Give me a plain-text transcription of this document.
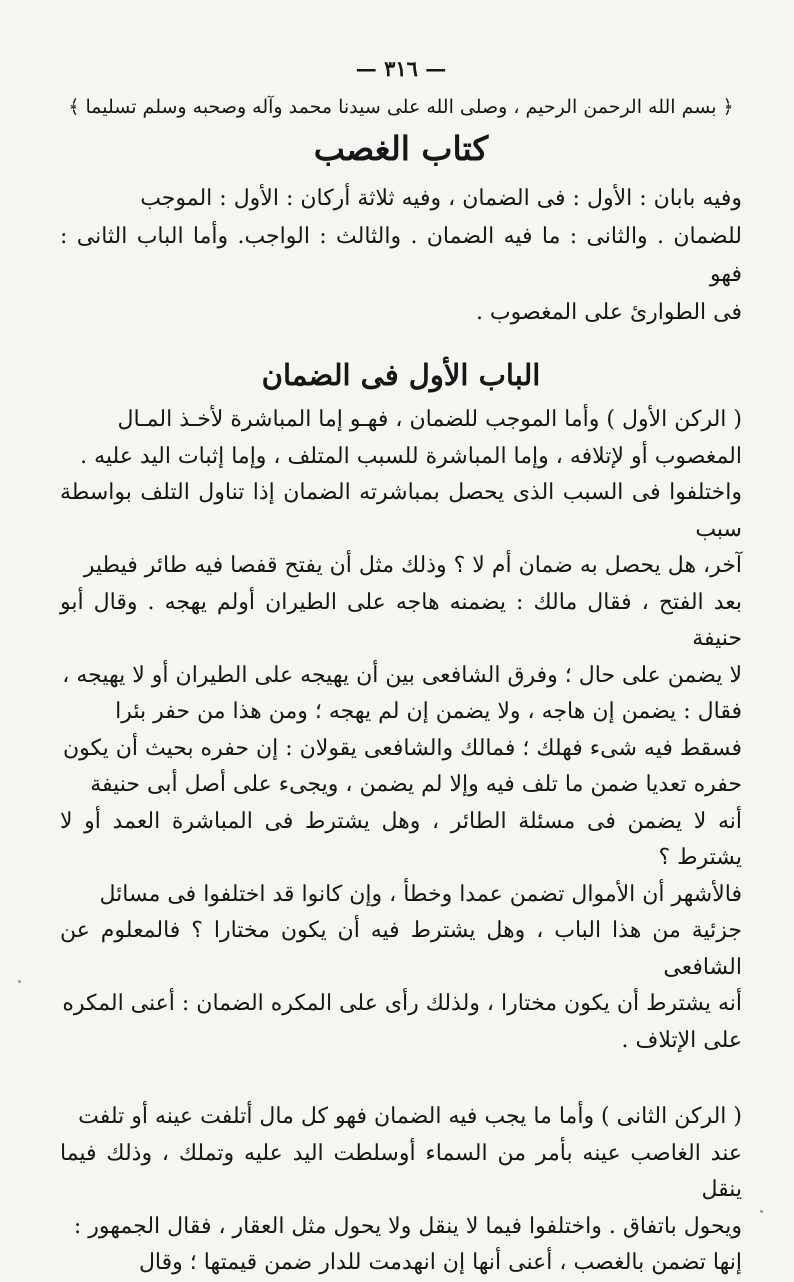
— ٣١٦ —
﴿ بسم الله الرحمن الرحيم ، وصلى الله على سيدنا محمد وآله وصحبه وسلم تسليما ﴾
كتاب الغصب

وفيه بابان : الأول : فى الضمان ، وفيه ثلاثة أركان : الأول : الموجب

للضمان . والثانى : ما فيه الضمان . والثالث : الواجب. وأما الباب الثانى : فهو

فى الطوارئ على المغصوب .

الباب الأول فى الضمان

( الركن الأول ) وأما الموجب للضمان ، فهـو إما المباشرة لأخـذ المـال

المغصوب أو لإتلافه ، وإما المباشرة للسبب المتلف ، وإما إثبات اليد عليه .

واختلفوا فى السبب الذى يحصل بمباشرته الضمان إذا تناول التلف بواسطة سبب

آخر، هل يحصل به ضمان أم لا ؟ وذلك مثل أن يفتح قفصا فيه طائر فيطير

بعد الفتح ، فقال مالك : يضمنه هاجه على الطيران أولم يهجه . وقال أبو حنيفة

لا يضمن على حال ؛ وفرق الشافعى بين أن يهيجه على الطيران أو لا يهيجه ،

فقال : يضمن إن هاجه ، ولا يضمن إن لم يهجه ؛ ومن هذا من حفر بئرا

فسقط فيه شىء فهلك ؛ فمالك والشافعى يقولان : إن حفره بحيث أن يكون

حفره تعديا ضمن ما تلف فيه وإلا لم يضمن ، ويجىء على أصل أبى حنيفة

أنه لا يضمن فى مسئلة الطائر ، وهل يشترط فى المباشرة العمد أو لا يشترط ؟

فالأشهر أن الأموال تضمن عمدا وخطأ ، وإن كانوا قد اختلفوا فى مسائل

جزئية من هذا الباب ، وهل يشترط فيه أن يكون مختارا ؟ فالمعلوم عن الشافعى

أنه يشترط أن يكون مختارا ، ولذلك رأى على المكره الضمان : أعنى المكره

على الإتلاف .

( الركن الثانى ) وأما ما يجب فيه الضمان فهو كل مال أتلفت عينه أو تلفت

عند الغاصب عينه بأمر من السماء أوسلطت اليد عليه وتملك ، وذلك فيما ينقل

ويحول باتفاق . واختلفوا فيما لا ينقل ولا يحول مثل العقار ، فقال الجمهور :

إنها تضمن بالغصب ، أعنى أنها إن انهدمت للدار ضمن قيمتها ؛ وقال
